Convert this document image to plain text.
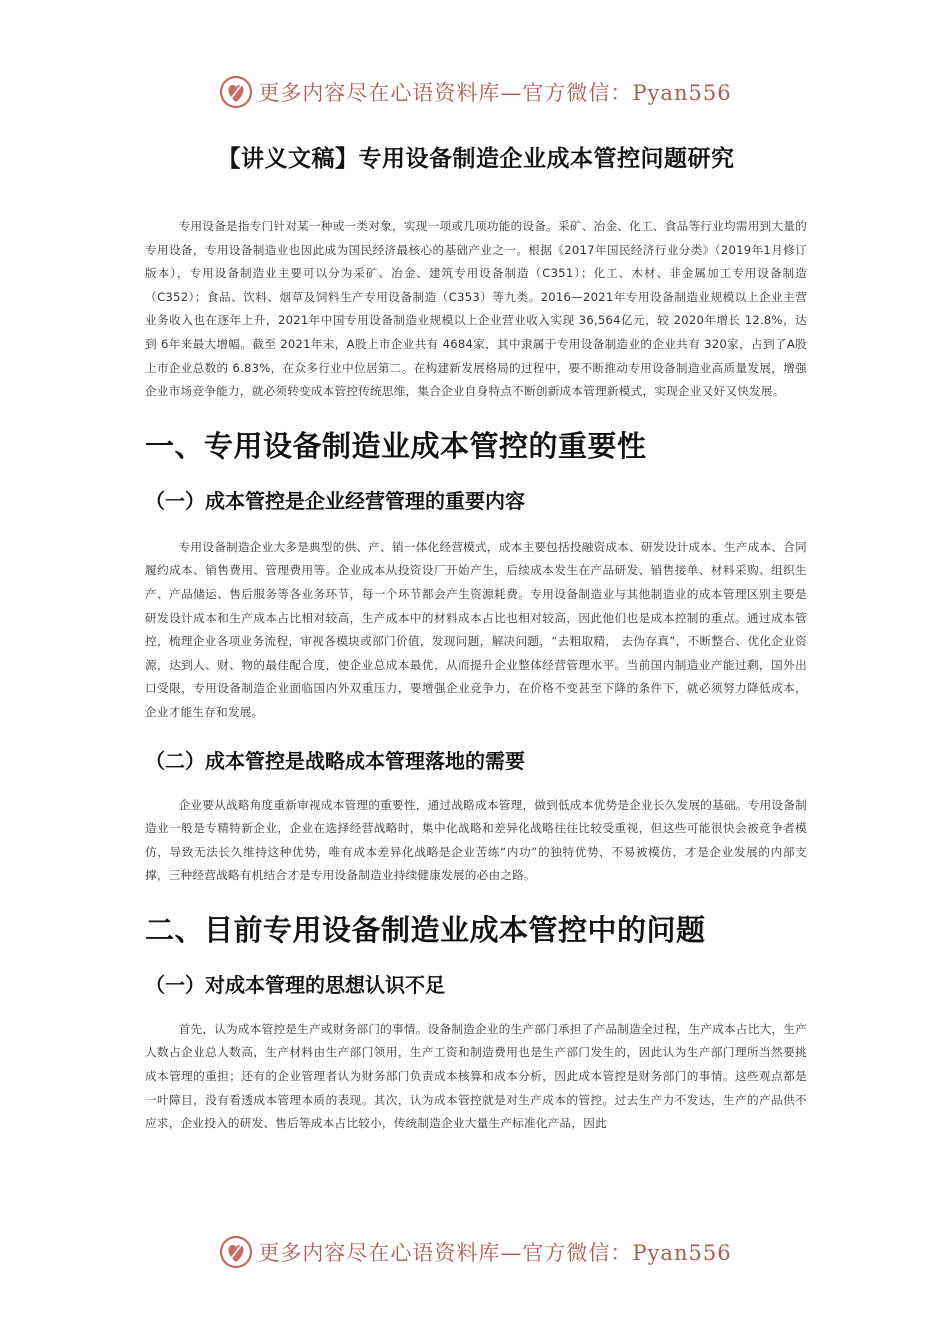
更多内容尽在心语资料库—官方微信：Pyan556
【讲义文稿】专用设备制造企业成本管控问题研究

专用设备是指专门针对某一种或一类对象，实现一项或几项功能的设备。采矿、冶金、化工、食品等行业均需用到大量的专用设备，专用设备制造业也因此成为国民经济最核心的基础产业之一。根据《2017年国民经济行业分类》（2019年1月修订版本），专用设备制造业主要可以分为采矿、冶金、建筑专用设备制造（C351）；化工、木材、非金属加工专用设备制造（C352）；食品、饮料、烟草及饲料生产专用设备制造（C353）等九类。2016—2021年专用设备制造业规模以上企业主营业务收入也在逐年上升，2021年中国专用设备制造业规模以上企业营业收入实现 36,564亿元，较 2020年增长 12.8%，达到 6年来最大增幅。截至 2021年末，A股上市企业共有 4684家，其中隶属于专用设备制造业的企业共有 320家，占到了A股上市企业总数的 6.83%，在众多行业中位居第二。在构建新发展格局的过程中，要不断推动专用设备制造业高质量发展，增强企业市场竞争能力，就必须转变成本管控传统思维，集合企业自身特点不断创新成本管理新模式，实现企业又好又快发展。

一、专用设备制造业成本管控的重要性
（一）成本管控是企业经营管理的重要内容

专用设备制造企业大多是典型的供、产、销一体化经营模式，成本主要包括投融资成本、研发设计成本、生产成本、合同履约成本、销售费用、管理费用等。企业成本从投资设厂开始产生，后续成本发生在产品研发、销售接单、材料采购、组织生产、产品储运、售后服务等各业务环节，每一个环节都会产生资源耗费。专用设备制造业与其他制造业的成本管理区别主要是研发设计成本和生产成本占比相对较高，生产成本中的材料成本占比也相对较高，因此他们也是成本控制的重点。通过成本管控，梳理企业各项业务流程，审视各模块或部门价值，发现问题，解决问题，“去粗取精， 去伪存真”，不断整合、优化企业资源，达到人、财、物的最佳配合度，使企业总成本最优，从而提升企业整体经营管理水平。当前国内制造业产能过剩，国外出口受限，专用设备制造企业面临国内外双重压力，要增强企业竞争力，在价格不变甚至下降的条件下，就必须努力降低成本，企业才能生存和发展。

（二）成本管控是战略成本管理落地的需要

企业要从战略角度重新审视成本管理的重要性，通过战略成本管理，做到低成本优势是企业长久发展的基础。专用设备制造业一般是专精特新企业，企业在选择经营战略时，集中化战略和差异化战略往往比较受重视，但这些可能很快会被竞争者模仿，导致无法长久维持这种优势，唯有成本差异化战略是企业苦练“内功”的独特优势，不易被模仿，才是企业发展的内部支撑，三种经营战略有机结合才是专用设备制造业持续健康发展的必由之路。

二、目前专用设备制造业成本管控中的问题
（一）对成本管理的思想认识不足

首先，认为成本管控是生产或财务部门的事情。设备制造企业的生产部门承担了产品制造全过程，生产成本占比大，生产人数占企业总人数高，生产材料由生产部门领用，生产工资和制造费用也是生产部门发生的，因此认为生产部门理所当然要挑成本管理的重担；还有的企业管理者认为财务部门负责成本核算和成本分析，因此成本管控是财务部门的事情。这些观点都是一叶障目，没有看透成本管理本质的表现。其次，认为成本管控就是对生产成本的管控。过去生产力不发达，生产的产品供不应求，企业投入的研发、售后等成本占比较小，传统制造企业大量生产标准化产品，因此

更多内容尽在心语资料库—官方微信：Pyan556
